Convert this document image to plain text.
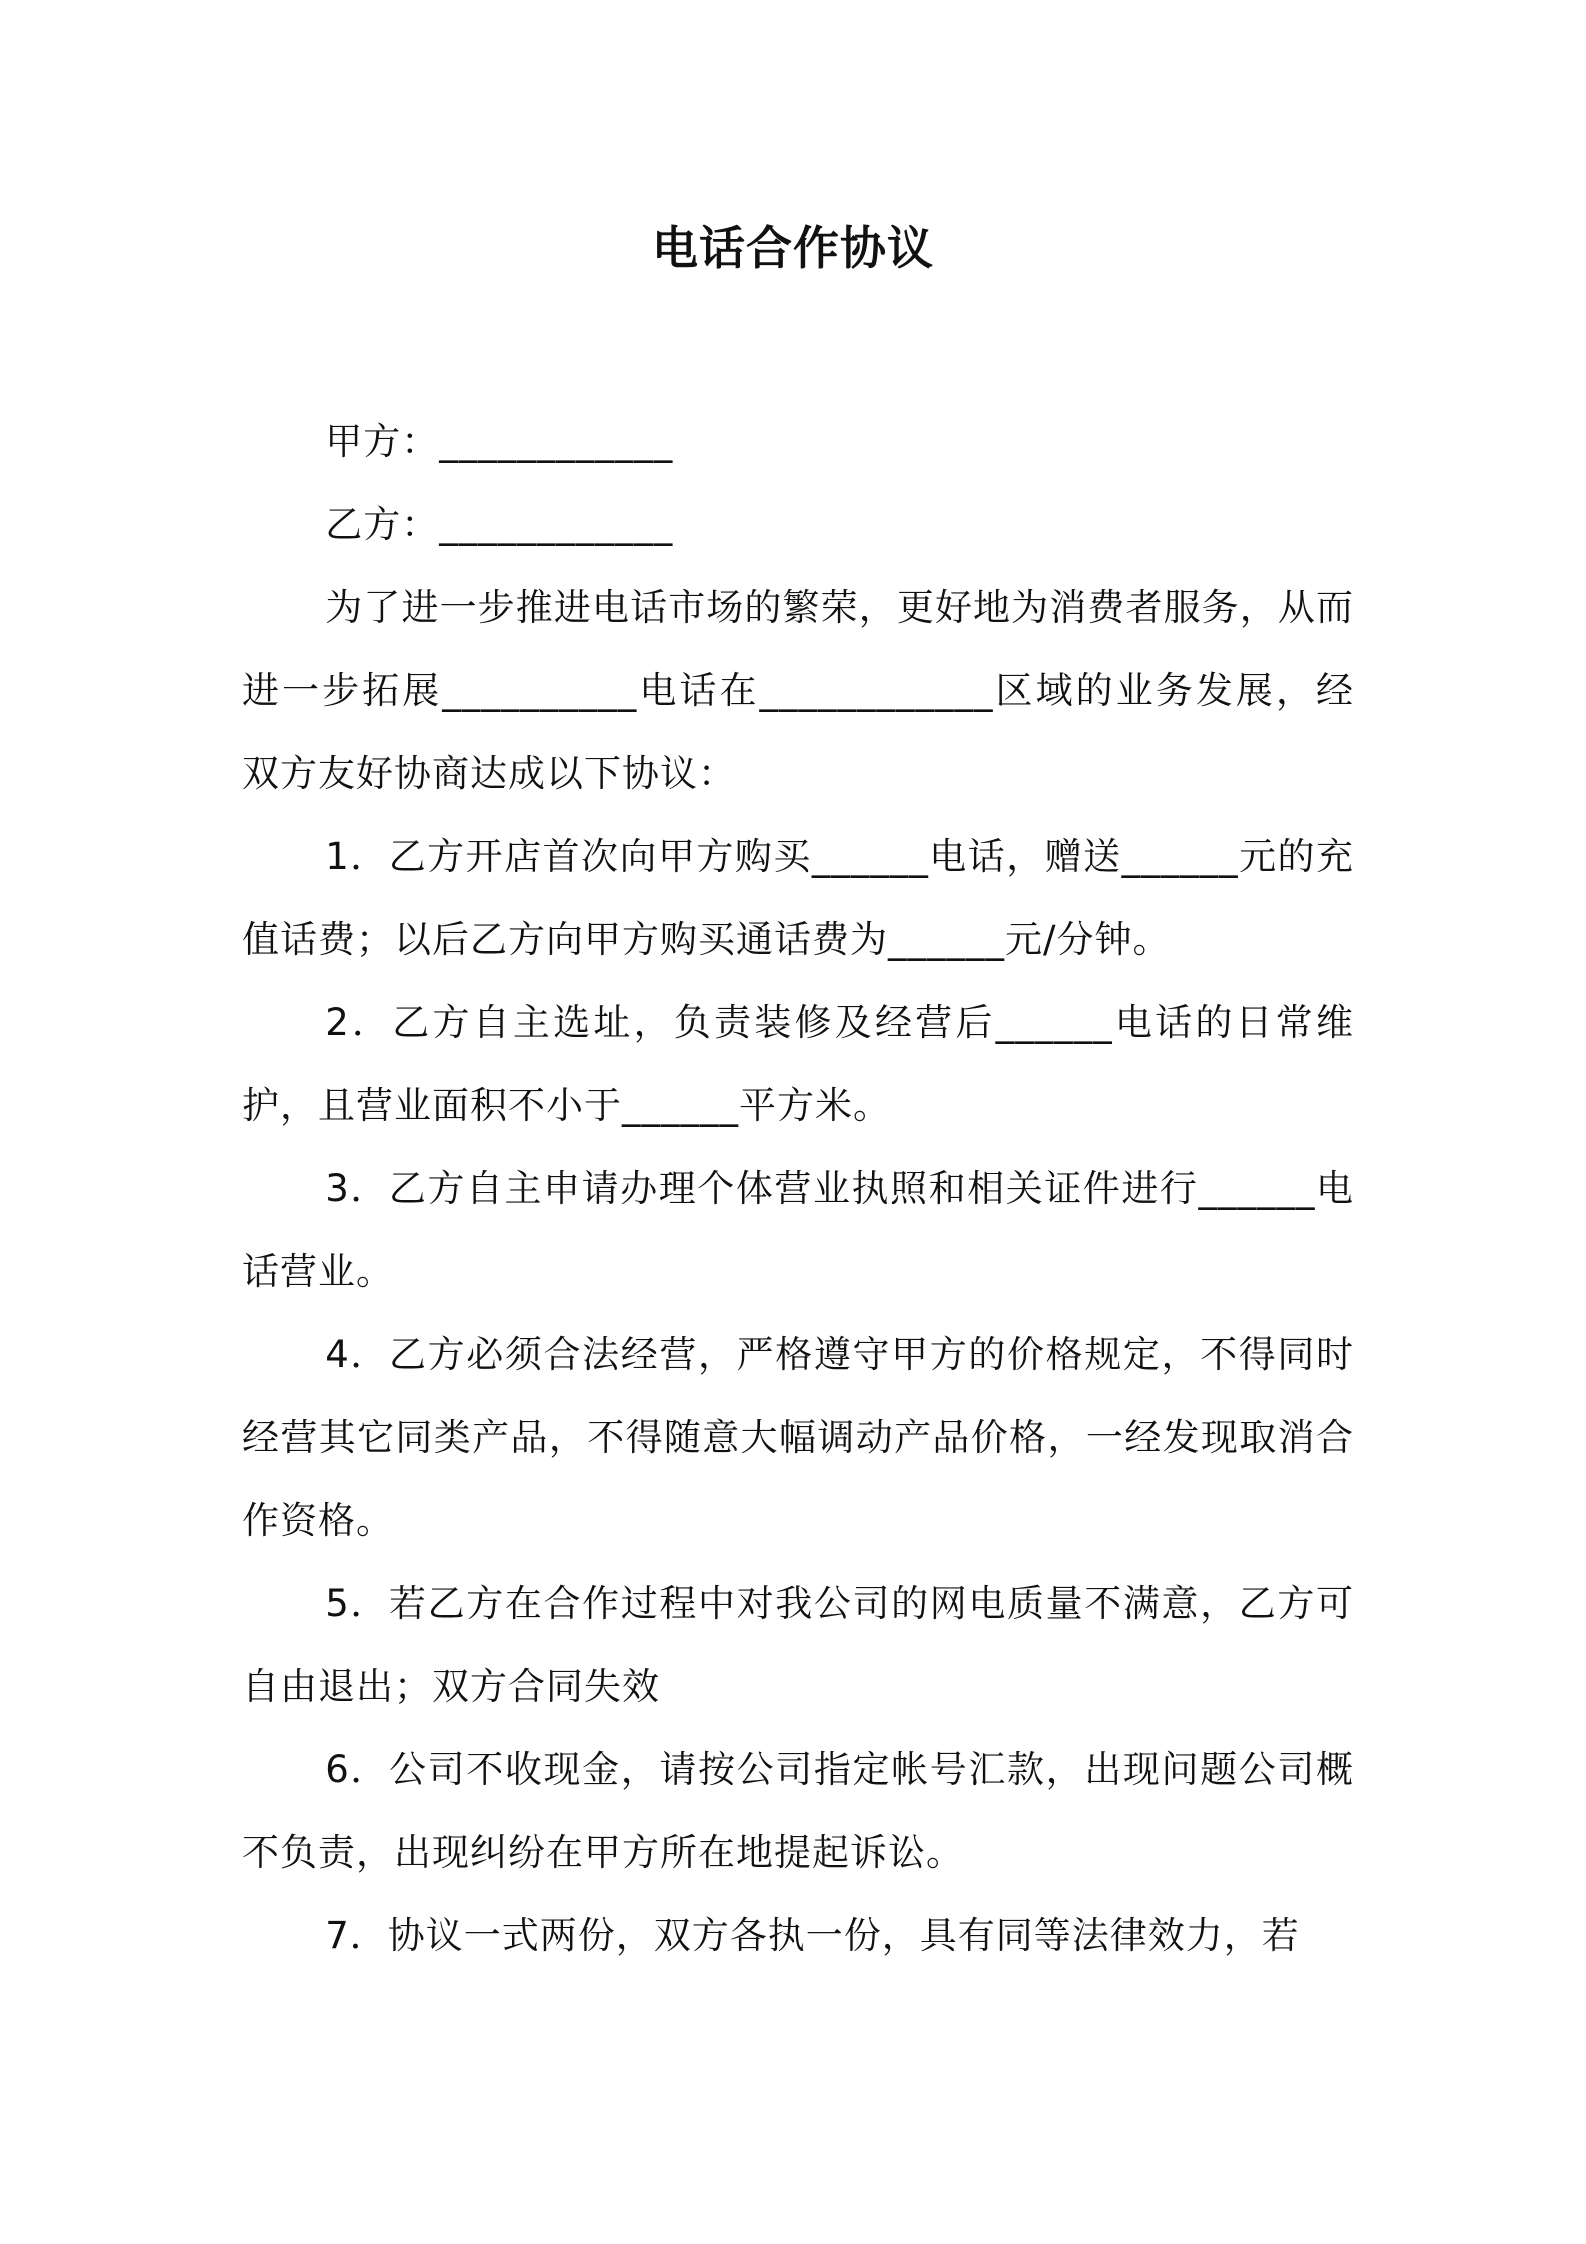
电话合作协议

甲方：____________

乙方：____________

为了进一步推进电话市场的繁荣，更好地为消费者服务，从而进一步拓展__________电话在____________区域的业务发展，经双方友好协商达成以下协议：

1．乙方开店首次向甲方购买______电话，赠送______元的充值话费；以后乙方向甲方购买通话费为______元/分钟。

2．乙方自主选址，负责装修及经营后______电话的日常维护，且营业面积不小于______平方米。

3．乙方自主申请办理个体营业执照和相关证件进行______电话营业。

4．乙方必须合法经营，严格遵守甲方的价格规定，不得同时经营其它同类产品，不得随意大幅调动产品价格，一经发现取消合作资格。

5．若乙方在合作过程中对我公司的网电质量不满意，乙方可自由退出；双方合同失效

6．公司不收现金，请按公司指定帐号汇款，出现问题公司概不负责，出现纠纷在甲方所在地提起诉讼。

7．协议一式两份，双方各执一份，具有同等法律效力，若
